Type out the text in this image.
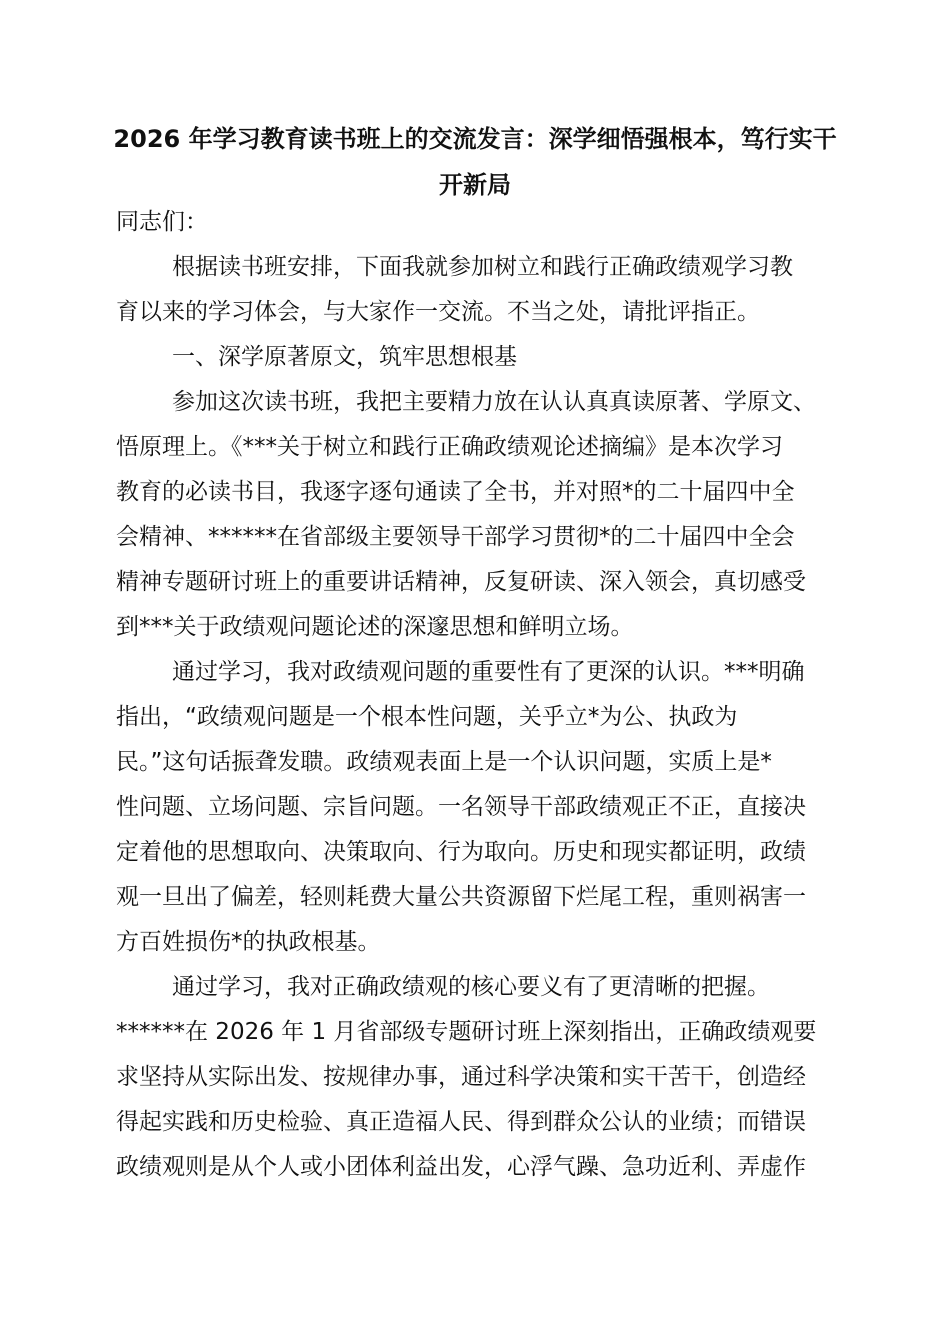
2026 年学习教育读书班上的交流发言：深学细悟强根本，笃行实干
开新局
同志们：
根据读书班安排，下面我就参加树立和践行正确政绩观学习教
育以来的学习体会，与大家作一交流。不当之处，请批评指正。
一、深学原著原文，筑牢思想根基
参加这次读书班，我把主要精力放在认认真真读原著、学原文、
悟原理上。《***关于树立和践行正确政绩观论述摘编》是本次学习
教育的必读书目，我逐字逐句通读了全书，并对照*的二十届四中全
会精神、******在省部级主要领导干部学习贯彻*的二十届四中全会
精神专题研讨班上的重要讲话精神，反复研读、深入领会，真切感受
到***关于政绩观问题论述的深邃思想和鲜明立场。
通过学习，我对政绩观问题的重要性有了更深的认识。***明确
指出，“政绩观问题是一个根本性问题，关乎立*为公、执政为
民。”这句话振聋发聩。政绩观表面上是一个认识问题，实质上是*
性问题、立场问题、宗旨问题。一名领导干部政绩观正不正，直接决
定着他的思想取向、决策取向、行为取向。历史和现实都证明，政绩
观一旦出了偏差，轻则耗费大量公共资源留下烂尾工程，重则祸害一
方百姓损伤*的执政根基。
通过学习，我对正确政绩观的核心要义有了更清晰的把握。
******在 2026 年 1 月省部级专题研讨班上深刻指出，正确政绩观要
求坚持从实际出发、按规律办事，通过科学决策和实干苦干，创造经
得起实践和历史检验、真正造福人民、得到群众公认的业绩；而错误
政绩观则是从个人或小团体利益出发，心浮气躁、急功近利、弄虚作
